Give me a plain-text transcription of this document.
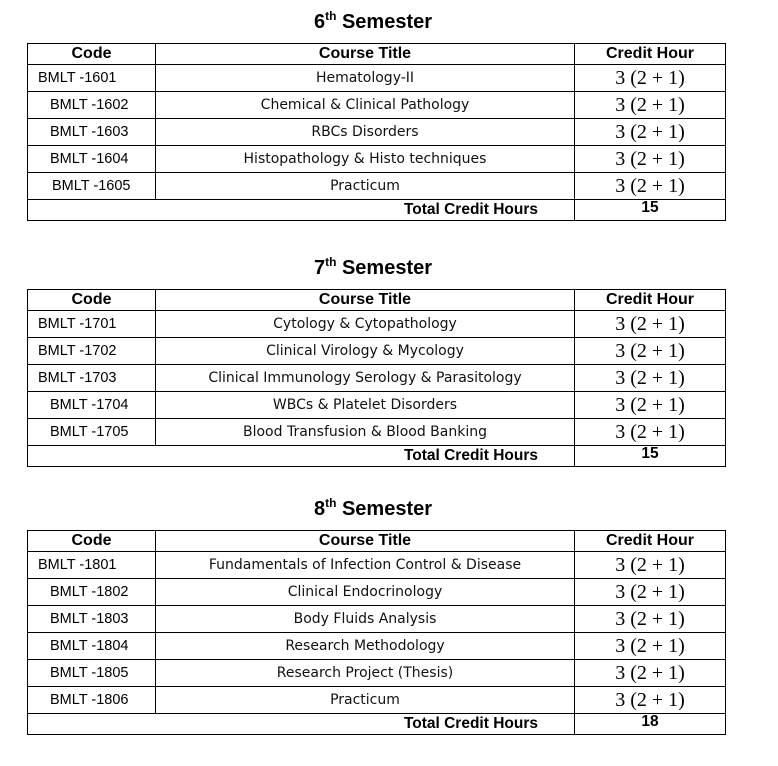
6th Semester
Code	Course Title	Credit Hour
BMLT -1601	Hematology-II	3 (2 + 1)
BMLT -1602	Chemical & Clinical Pathology	3 (2 + 1)
BMLT -1603	RBCs Disorders	3 (2 + 1)
BMLT -1604	Histopathology & Histo techniques	3 (2 + 1)
BMLT -1605	Practicum	3 (2 + 1)
Total Credit Hours		15
7th Semester
Code	Course Title	Credit Hour
BMLT -1701	Cytology & Cytopathology	3 (2 + 1)
BMLT -1702	Clinical Virology & Mycology	3 (2 + 1)
BMLT -1703	Clinical Immunology Serology & Parasitology	3 (2 + 1)
BMLT -1704	WBCs & Platelet Disorders	3 (2 + 1)
BMLT -1705	Blood Transfusion & Blood Banking	3 (2 + 1)
Total Credit Hours		15
8th Semester
Code	Course Title	Credit Hour
BMLT -1801	Fundamentals of Infection Control & Disease	3 (2 + 1)
BMLT -1802	Clinical Endocrinology	3 (2 + 1)
BMLT -1803	Body Fluids Analysis	3 (2 + 1)
BMLT -1804	Research Methodology	3 (2 + 1)
BMLT -1805	Research Project (Thesis)	3 (2 + 1)
BMLT -1806	Practicum	3 (2 + 1)
Total Credit Hours		18
